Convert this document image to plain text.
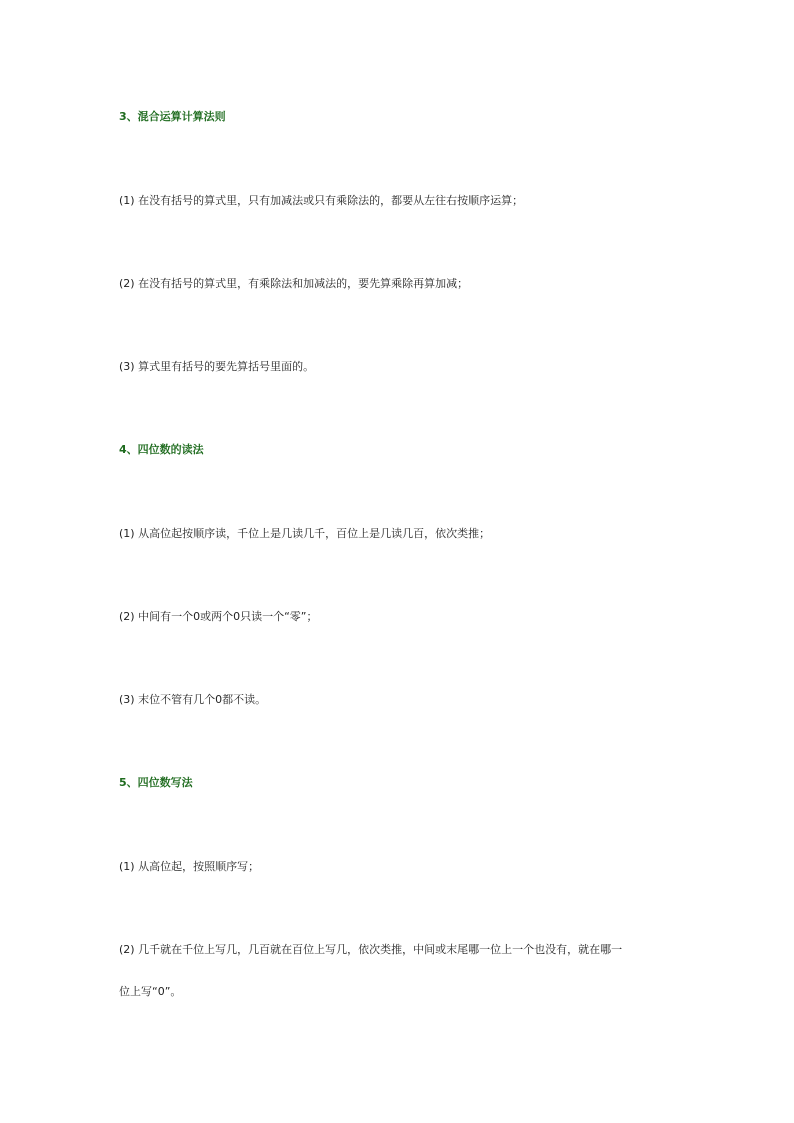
3、混合运算计算法则
(1) 在没有括号的算式里，只有加减法或只有乘除法的，都要从左往右按顺序运算；
(2) 在没有括号的算式里，有乘除法和加减法的，要先算乘除再算加减；
(3) 算式里有括号的要先算括号里面的。
4、四位数的读法
(1) 从高位起按顺序读，千位上是几读几千，百位上是几读几百，依次类推；
(2) 中间有一个0或两个0只读一个“零”；
(3) 末位不管有几个0都不读。
5、四位数写法
(1) 从高位起，按照顺序写；
(2) 几千就在千位上写几，几百就在百位上写几，依次类推，中间或末尾哪一位上一个也没有，就在哪一
位上写“0”。
